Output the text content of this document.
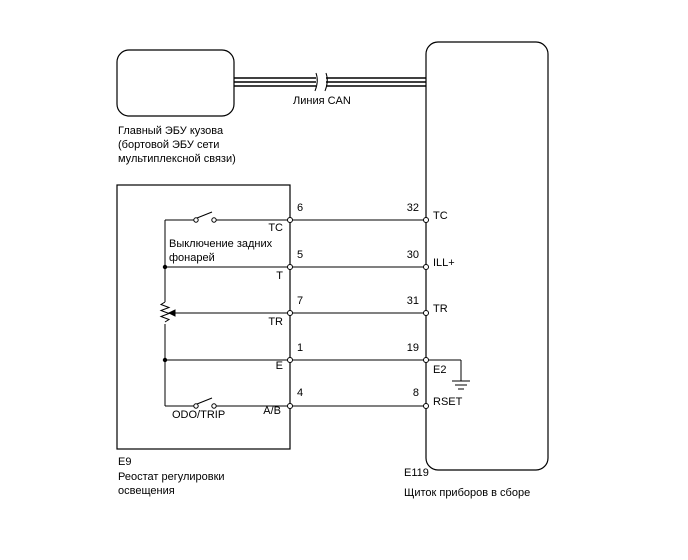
Линия CAN
Главный ЭБУ кузова
(бортовой ЭБУ сети
мультиплексной связи)
TC
T
TR
E
A/B
6
5
7
1
4
32
30
31
19
8
TC
ILL+
TR
E2
RSET
Выключение задних
фонарей
ODO/TRIP
E9
Реостат регулировки
освещения
E119
Щиток приборов в сборе
